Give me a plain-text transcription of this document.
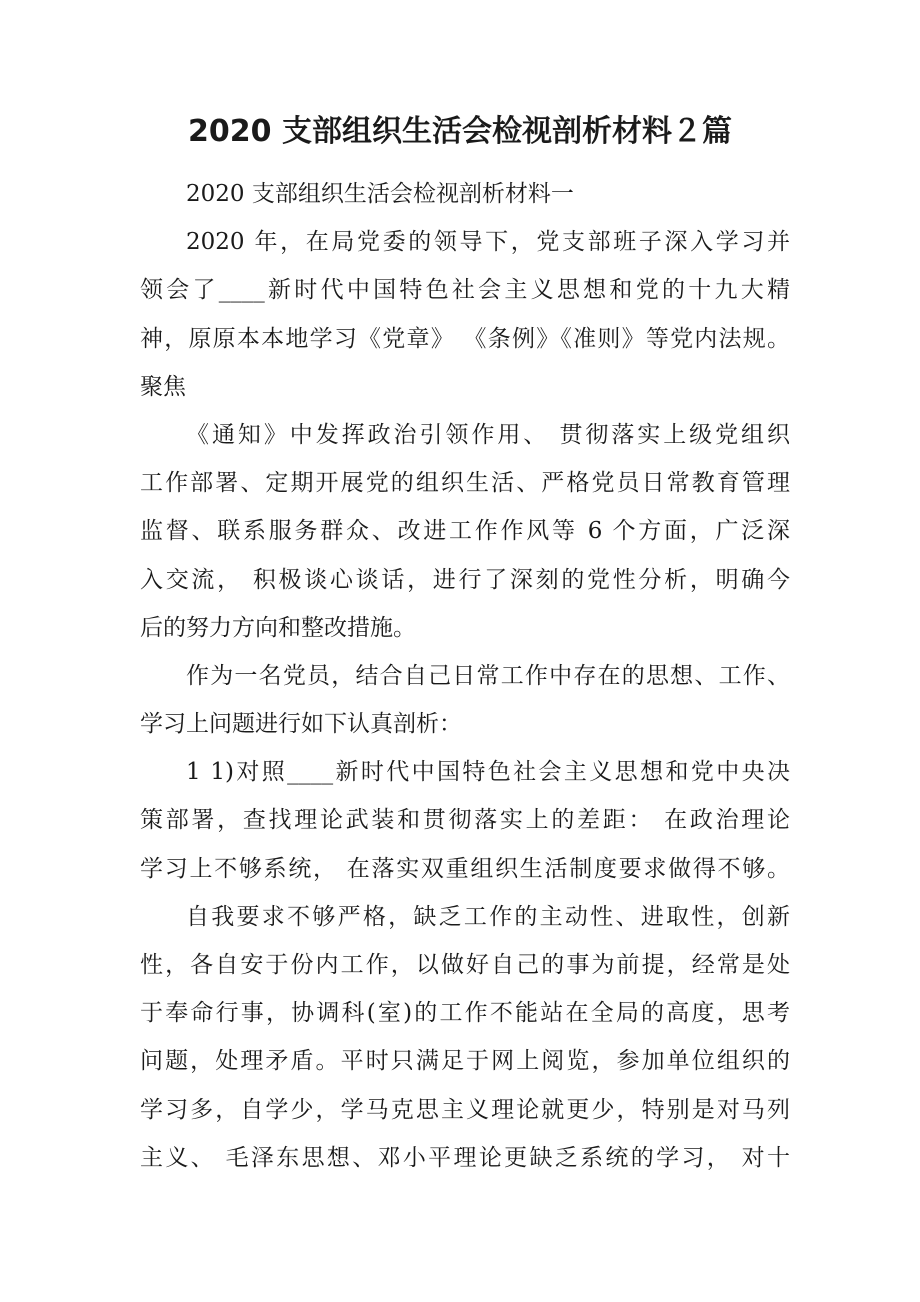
2020 支部组织生活会检视剖析材料２篇
2020 支部组织生活会检视剖析材料一
2020 年，在局党委的领导下，党支部班子深入学习并
领会了____新时代中国特色社会主义思想和党的十九大精
神，原原本本地学习《党章》 《条例》《准则》等党内法规。
聚焦
《通知》中发挥政治引领作用、 贯彻落实上级党组织
工作部署、定期开展党的组织生活、严格党员日常教育管理
监督、联系服务群众、改进工作作风等 6 个方面，广泛深
入交流， 积极谈心谈话，进行了深刻的党性分析，明确今
后的努力方向和整改措施。
作为一名党员，结合自己日常工作中存在的思想、工作、
学习上问题进行如下认真剖析：
1 1)对照____新时代中国特色社会主义思想和党中央决
策部署，查找理论武装和贯彻落实上的差距： 在政治理论
学习上不够系统， 在落实双重组织生活制度要求做得不够。
自我要求不够严格，缺乏工作的主动性、进取性，创新
性，各自安于份内工作，以做好自己的事为前提，经常是处
于奉命行事，协调科(室)的工作不能站在全局的高度，思考
问题，处理矛盾。平时只满足于网上阅览，参加单位组织的
学习多，自学少，学马克思主义理论就更少，特别是对马列
主义、 毛泽东思想、邓小平理论更缺乏系统的学习， 对十
